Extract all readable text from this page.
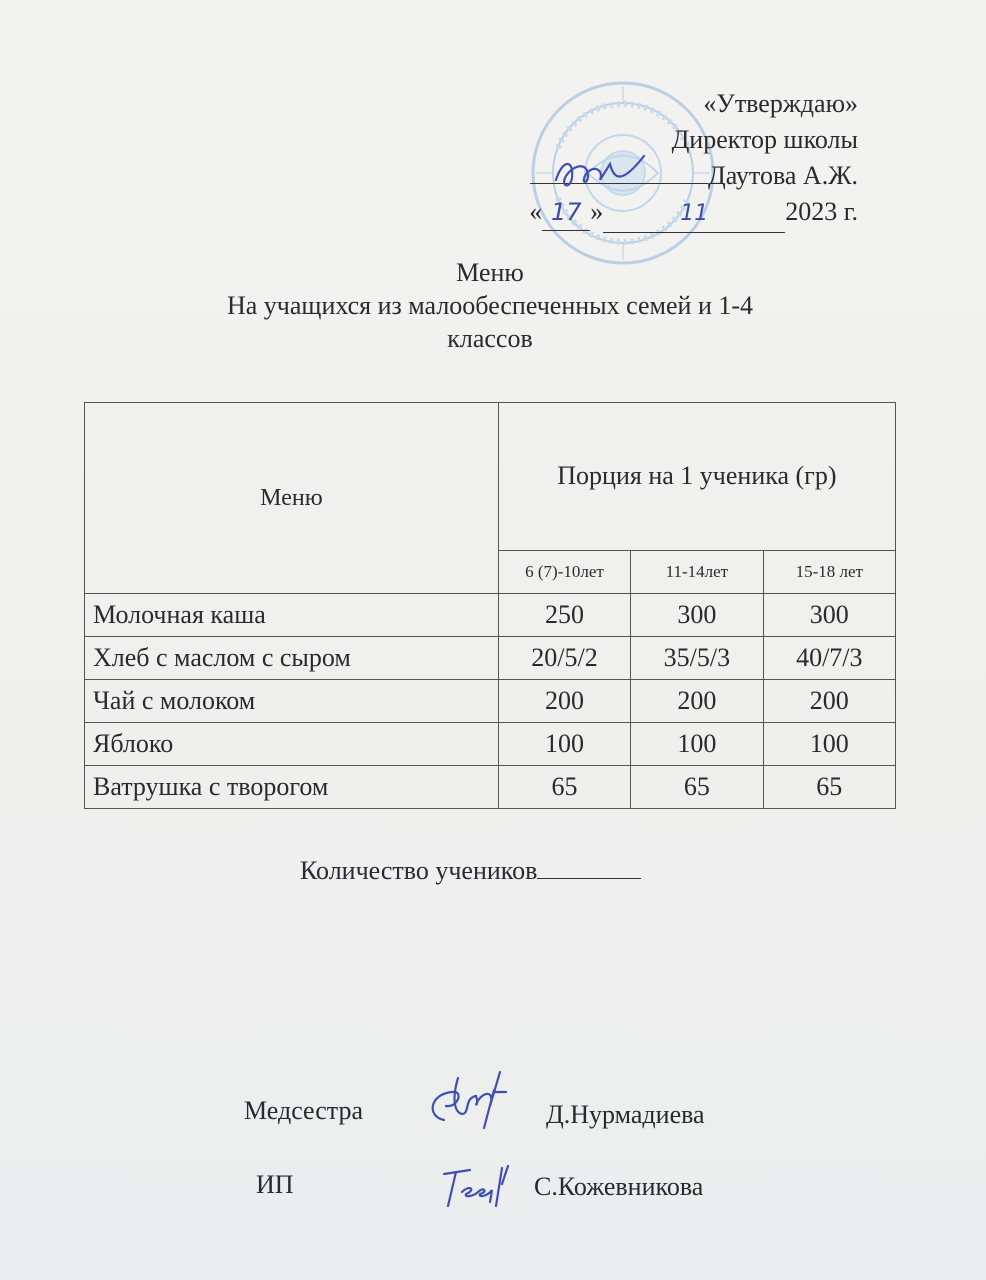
«Утверждаю»
Директор школы
Даутова А.Ж.
« 17 »	11	2023 г.
Меню
На учащихся из малообеспеченных семей и 1-4
классов
Меню	Порция на 1 ученика (гр)		
	6 (7)-10лет	11-14лет	15-18 лет
Молочная каша	250	300	300
Хлеб с маслом с сыром	20/5/2	35/5/3	40/7/3
Чай с молоком	200	200	200
Яблоко	100	100	100
Ватрушка с творогом	65	65	65
Количество учеников
Медсестра	Д.Нурмадиева
ИП	С.Кожевникова
